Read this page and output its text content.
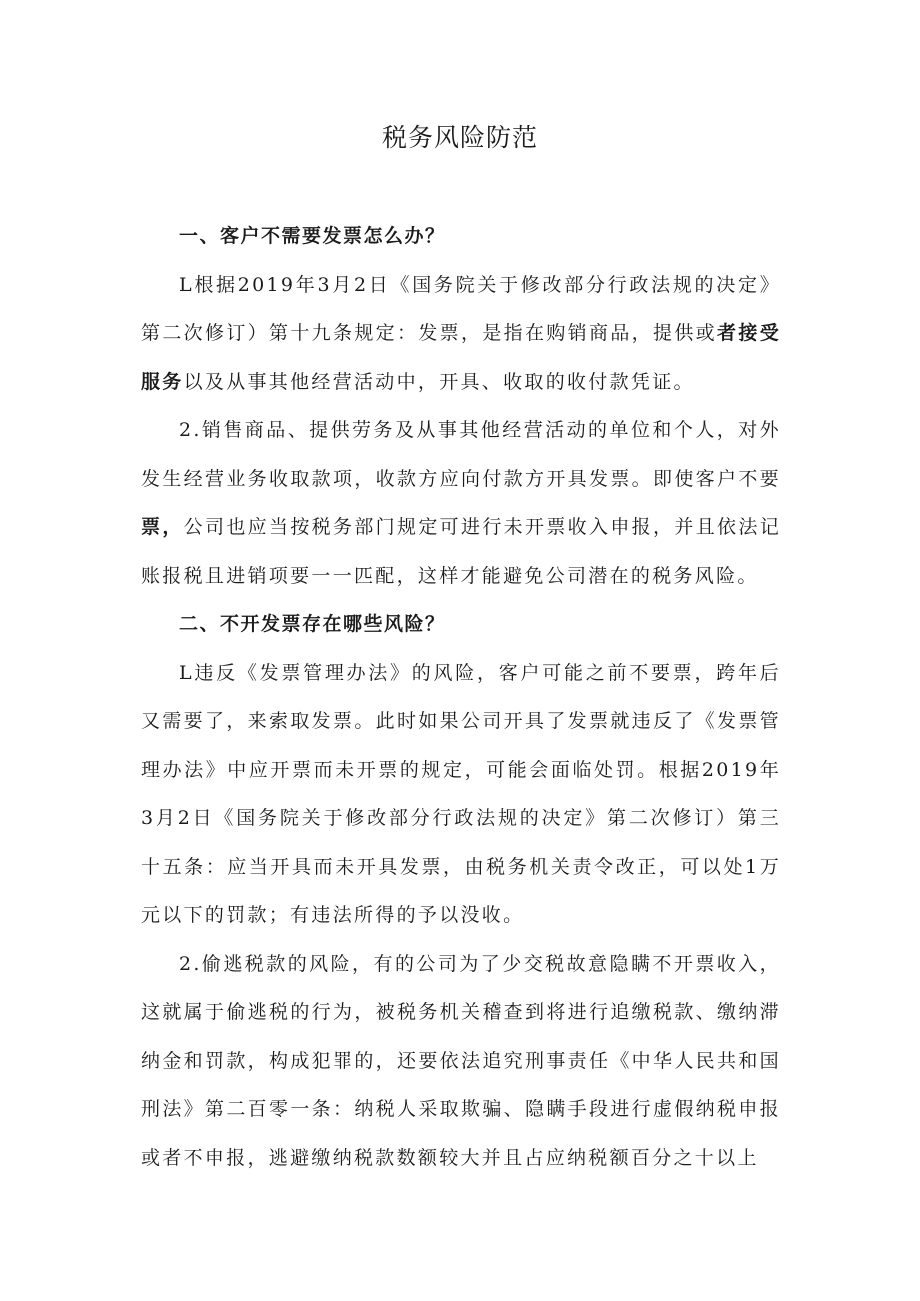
税务风险防范

一、客户不需要发票怎么办？

L根据2019年3月2日《国务院关于修改部分行政法规的决定》第二次修订）第十九条规定：发票，是指在购销商品，提供或者接受服务以及从事其他经营活动中，开具、收取的收付款凭证。

2.销售商品、提供劳务及从事其他经营活动的单位和个人，对外发生经营业务收取款项，收款方应向付款方开具发票。即使客户不要票，公司也应当按税务部门规定可进行未开票收入申报，并且依法记账报税且进销项要一一匹配，这样才能避免公司潜在的税务风险。

二、不开发票存在哪些风险？

L违反《发票管理办法》的风险，客户可能之前不要票，跨年后又需要了，来索取发票。此时如果公司开具了发票就违反了《发票管理办法》中应开票而未开票的规定，可能会面临处罚。根据2019年3月2日《国务院关于修改部分行政法规的决定》第二次修订）第三十五条：应当开具而未开具发票，由税务机关责令改正，可以处1万元以下的罚款；有违法所得的予以没收。

2.偷逃税款的风险，有的公司为了少交税故意隐瞒不开票收入，这就属于偷逃税的行为，被税务机关稽查到将进行追缴税款、缴纳滞纳金和罚款，构成犯罪的，还要依法追究刑事责任《中华人民共和国刑法》第二百零一条：纳税人采取欺骗、隐瞒手段进行虚假纳税申报或者不申报，逃避缴纳税款数额较大并且占应纳税额百分之十以上
